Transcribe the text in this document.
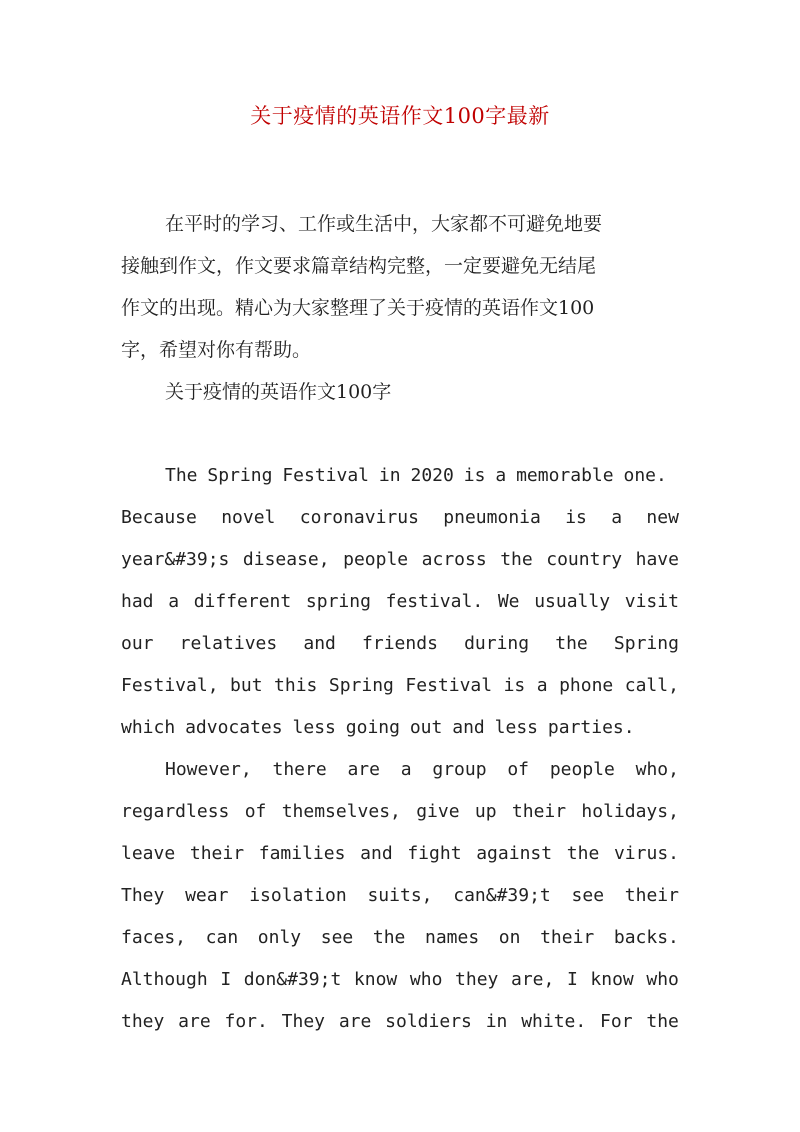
关于疫情的英语作文100字最新

在平时的学习、工作或生活中，大家都不可避免地要
接触到作文，作文要求篇章结构完整，一定要避免无结尾
作文的出现。精心为大家整理了关于疫情的英语作文100
字，希望对你有帮助。

关于疫情的英语作文100字
The Spring Festival in 2020 is a memorable one.
Because novel coronavirus pneumonia is a new
year&#39;s disease, people across the country have
had a different spring festival. We usually visit
our relatives and friends during the Spring
Festival, but this Spring Festival is a phone call,
which advocates less going out and less parties.
However, there are a group of people who,
regardless of themselves, give up their holidays,
leave their families and fight against the virus.
They wear isolation suits, can&#39;t see their
faces, can only see the names on their backs.
Although I don&#39;t know who they are, I know who
they are for. They are soldiers in white. For the
